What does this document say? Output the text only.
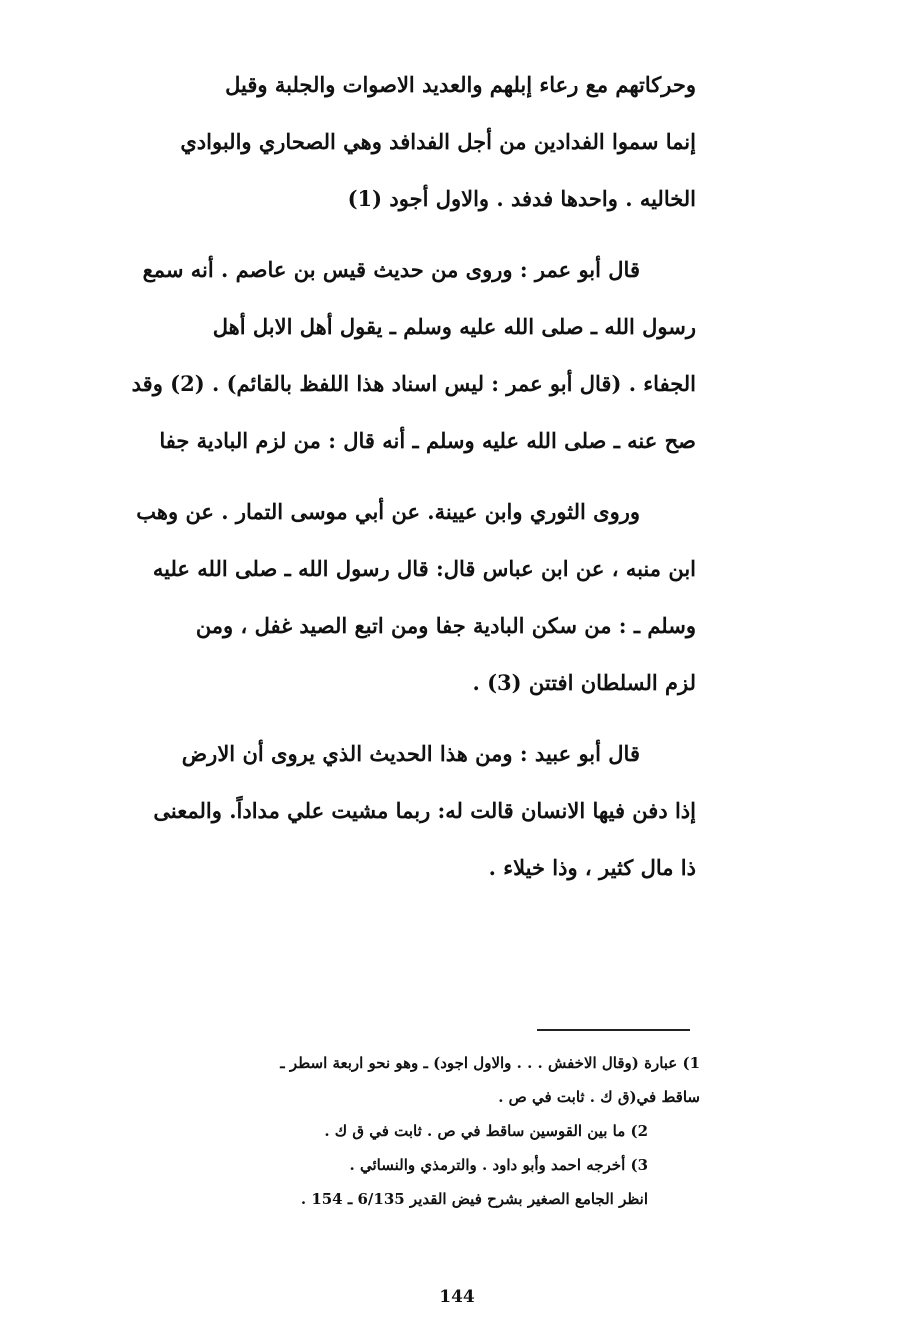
وحركاتهم مع رعاء إبلهم والعديد الاصوات والجلبة وقيل

إنما سموا الفدادين من أجل الفدافد وهي الصحاري والبوادي

الخاليه . واحدها فدفد . والاول أجود (1)

قال أبو عمر : وروى من حديث قيس بن عاصم . أنه سمع

رسول الله ـ صلى الله عليه وسلم ـ يقول أهل الابل أهل

الجفاء . (قال أبو عمر : ليس اسناد هذا اللفظ بالقائم) . (2) وقد

صح عنه ـ صلى الله عليه وسلم ـ أنه قال : من لزم البادية جفا

وروى الثوري وابن عيينة. عن أبي موسى التمار . عن وهب

ابن منبه ، عن ابن عباس قال: قال رسول الله ـ صلى الله عليه

وسلم ـ : من سكن البادية جفا ومن اتبع الصيد غفل ، ومن

لزم السلطان افتتن (3) .

قال أبو عبيد : ومن هذا الحديث الذي يروى أن الارض

إذا دفن فيها الانسان قالت له: ربما مشيت علي مداداً. والمعنى

ذا مال كثير ، وذا خيلاء .

1) عبارة (وقال الاخفش . . . والاول اجود) ـ وهو نحو اربعة اسطر ـ

ساقط في(ق ك . ثابت في ص .

2) ما بين القوسين ساقط في ص . ثابت في ق ك .

3) أخرجه احمد وأبو داود . والترمذي والنسائي .

انظر الجامع الصغير بشرح فيض القدير 6/135 ـ 154 .

144
